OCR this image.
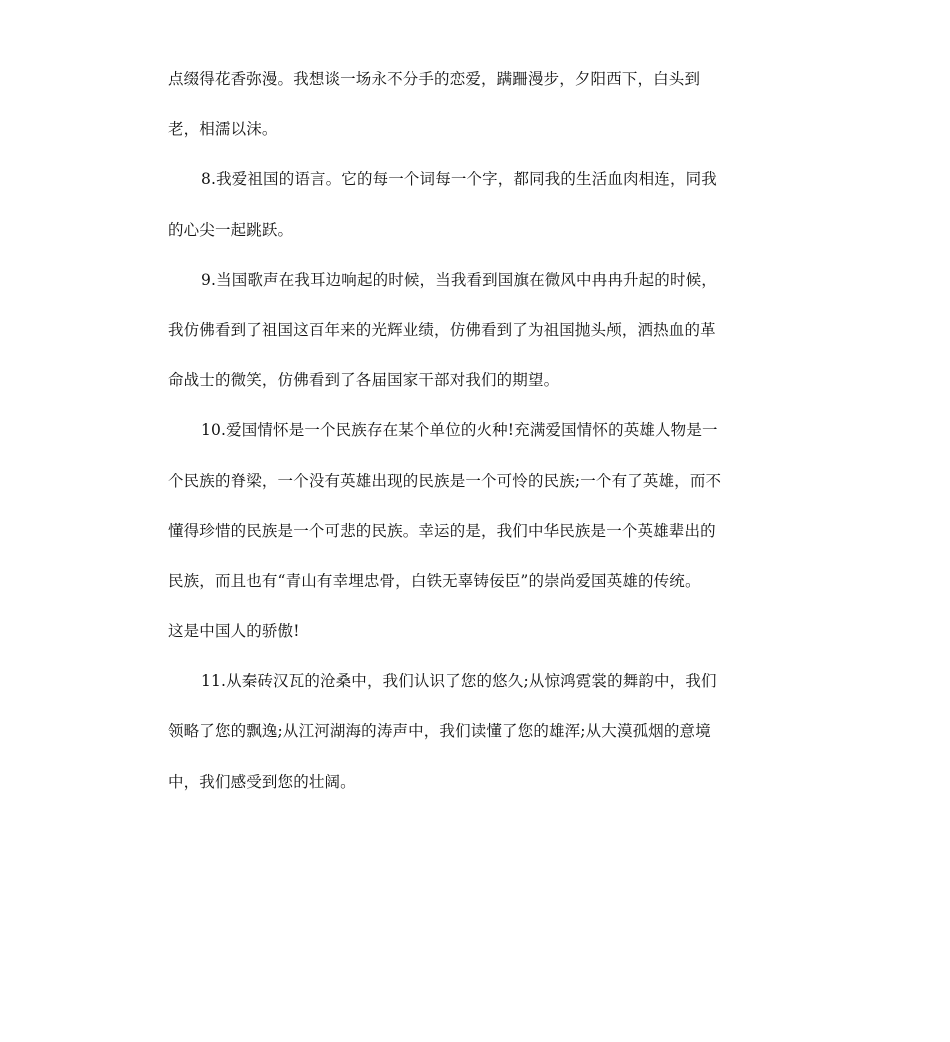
点缀得花香弥漫。我想谈一场永不分手的恋爱，蹒跚漫步，夕阳西下，白头到
老，相濡以沫。
8.我爱祖国的语言。它的每一个词每一个字，都同我的生活血肉相连，同我
的心尖一起跳跃。
9.当国歌声在我耳边响起的时候，当我看到国旗在微风中冉冉升起的时候，
我仿佛看到了祖国这百年来的光辉业绩，仿佛看到了为祖国抛头颅，洒热血的革
命战士的微笑，仿佛看到了各届国家干部对我们的期望。
10.爱国情怀是一个民族存在某个单位的火种!充满爱国情怀的英雄人物是一
个民族的脊梁，一个没有英雄出现的民族是一个可怜的民族;一个有了英雄，而不
懂得珍惜的民族是一个可悲的民族。幸运的是，我们中华民族是一个英雄辈出的
民族，而且也有“青山有幸埋忠骨，白铁无辜铸佞臣”的崇尚爱国英雄的传统。
这是中国人的骄傲!
11.从秦砖汉瓦的沧桑中，我们认识了您的悠久;从惊鸿霓裳的舞韵中，我们
领略了您的飘逸;从江河湖海的涛声中，我们读懂了您的雄浑;从大漠孤烟的意境
中，我们感受到您的壮阔。
